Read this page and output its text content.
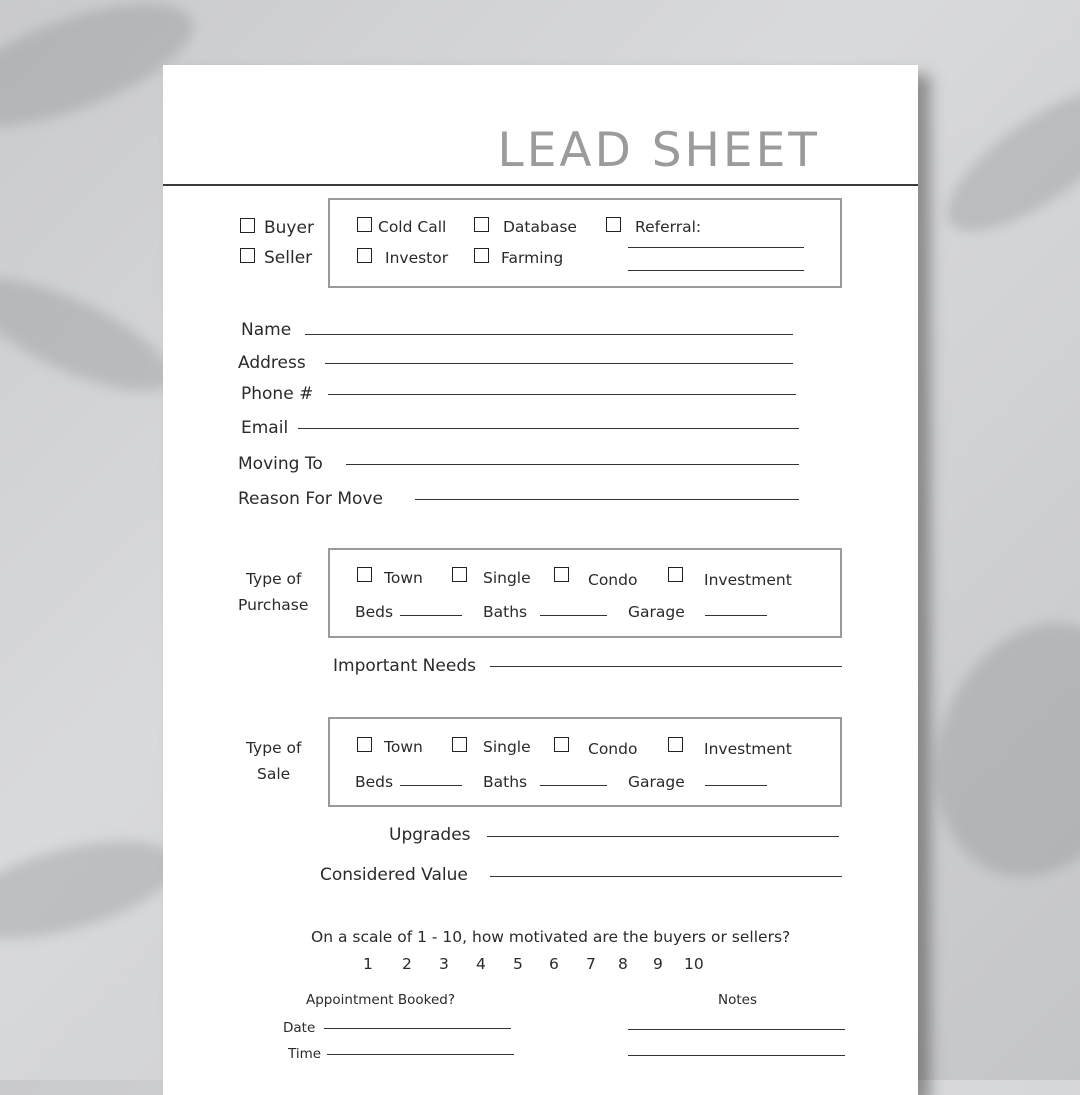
LEAD SHEET
Buyer
Seller
Cold Call	Database	Referral:
Investor	Farming
Name
Address
Phone #
Email
Moving To
Reason For Move
Type of
Purchase
Town	Single	Condo	Investment
Beds	Baths	Garage
Important Needs
Type of
Sale
Town	Single	Condo	Investment
Beds	Baths	Garage
Upgrades
Considered Value
On a scale of 1 - 10, how motivated are the buyers or sellers?
1 2 3 4 5 6 7 8 9 10
Appointment Booked?
Date
Time
Notes
